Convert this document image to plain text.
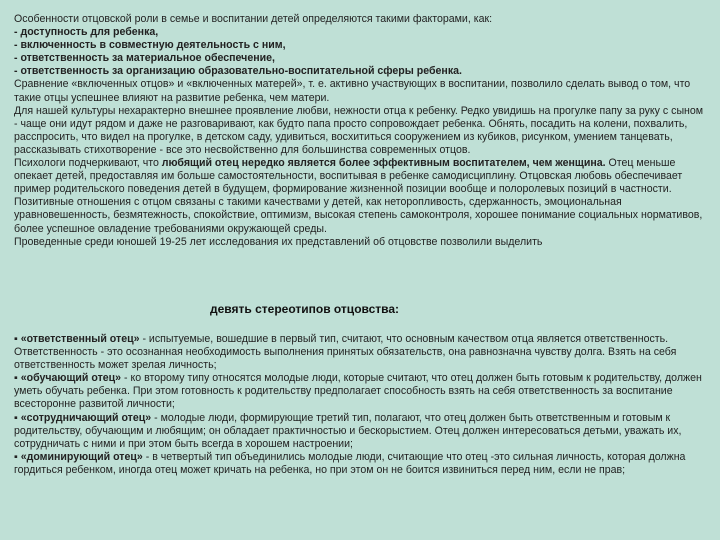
Особенности отцовской роли в семье и воспитании детей определяются такими факторами, как:

- доступность для ребенка,

- включенность в совместную деятельность с ним,

- ответственность за материальное обеспечение,

- ответственность за организацию образовательно-воспитательной сферы ребенка.

Сравнение «включенных отцов» и «включенных матерей», т. е. активно участвующих в воспитании, позволило сделать вывод о том, что такие отцы успешнее влияют на развитие ребенка, чем матери.

Для нашей культуры нехарактерно внешнее проявление любви, нежности отца к ребенку. Редко увидишь на прогулке папу за руку с сыном - чаще они идут рядом и даже не разговаривают, как будто папа просто сопровождает ребенка. Обнять, посадить на колени, похвалить, расспросить, что видел на прогулке, в детском саду, удивиться, восхититься сооружением из кубиков, рисунком, умением танцевать, рассказывать стихотворение - все это несвойственно для большинства современных отцов.

Психологи подчеркивают, что любящий отец нередко является более эффективным воспитателем, чем женщина. Отец меньше опекает детей, предоставляя им больше самостоятельности, воспитывая в ребенке самодисциплину. Отцовская любовь обеспечивает пример родительского поведения детей в будущем, формирование жизненной позиции вообще и полоролевых позиций в частности. Позитивные отношения с отцом связаны с такими качествами у детей, как неторопливость, сдержанность, эмоциональная уравновешенность, безмятежность, спокойствие, оптимизм, высокая степень самоконтроля, хорошее понимание социальных нормативов, более успешное овладение требованиями окружающей среды.

Проведенные среди юношей 19-25 лет исследования их представлений об отцовстве позволили выделить

девять стереотипов отцовства:

▪ «ответственный отец» - испытуемые, вошедшие в первый тип, считают, что основным качеством отца является ответственность. Ответственность - это осознанная необходимость выполнения принятых обязательств, она равнозначна чувству долга. Взять на себя ответственность может зрелая личность;

▪ «обучающий отец» - ко второму типу относятся молодые люди, которые считают, что отец должен быть готовым к родительству, должен уметь обучать ребенка. При этом готовность к родительству предполагает способность взять на себя ответственность за воспитание всесторонне развитой личности;

▪ «сотрудничающий отец» - молодые люди, формирующие третий тип, полагают, что отец должен быть ответственным и готовым к родительству, обучающим и любящим; он обладает практичностью и бескорыстием. Отец должен интересоваться детьми, уважать их, сотрудничать с ними и при этом быть всегда в хорошем настроении;

▪ «доминирующий отец» - в четвертый тип объединились молодые люди, считающие что отец -это сильная личность, которая должна гордиться ребенком, иногда отец может кричать на ребенка, но при этом он не боится извиниться перед ним, если не прав;
